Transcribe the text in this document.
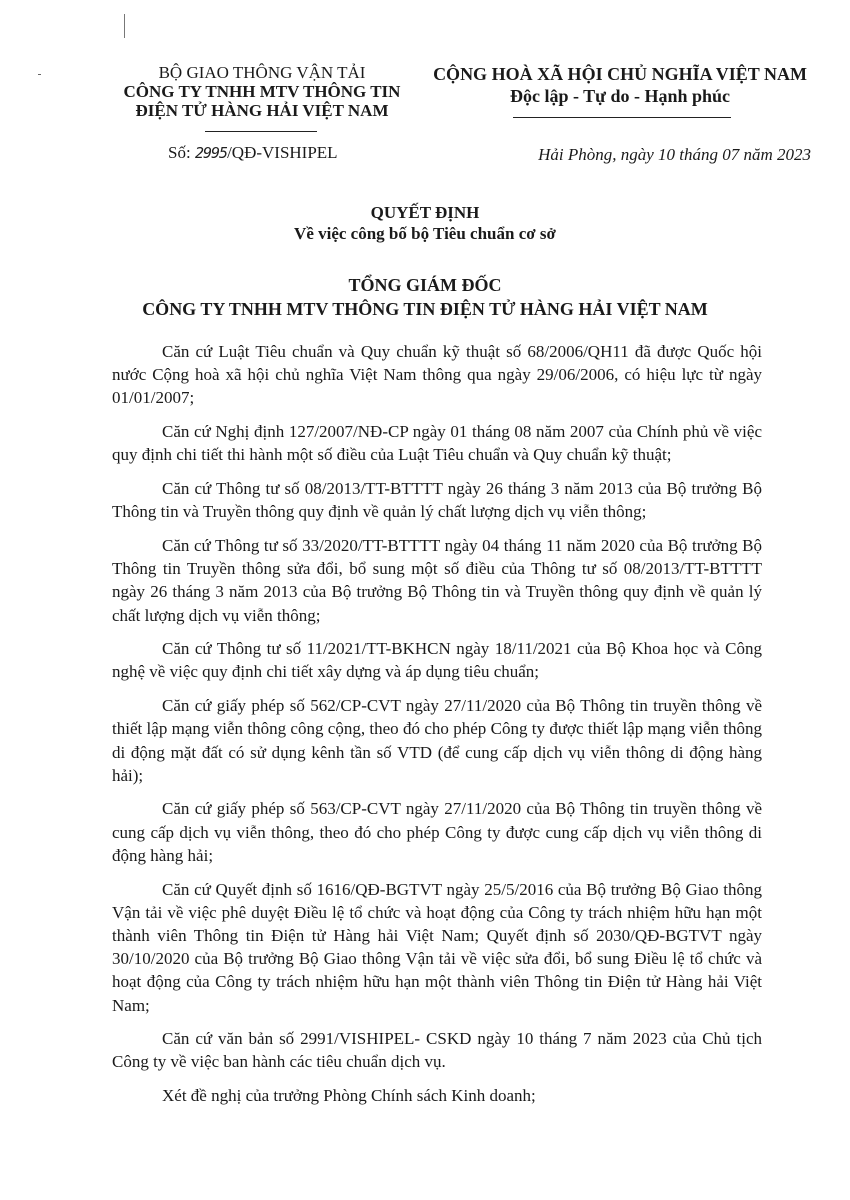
BỘ GIAO THÔNG VẬN TẢI
CÔNG TY TNHH MTV THÔNG TIN
ĐIỆN TỬ HÀNG HẢI VIỆT NAM
CỘNG HOÀ XÃ HỘI CHỦ NGHĨA VIỆT NAM
Độc lập - Tự do - Hạnh phúc
Số: 2995/QĐ-VISHIPEL	Hải Phòng, ngày 10 tháng 07 năm 2023
QUYẾT ĐỊNH
Về việc công bố bộ Tiêu chuẩn cơ sở
TỔNG GIÁM ĐỐC
CÔNG TY TNHH MTV THÔNG TIN ĐIỆN TỬ HÀNG HẢI VIỆT NAM

Căn cứ Luật Tiêu chuẩn và Quy chuẩn kỹ thuật số 68/2006/QH11 đã được Quốc hội nước Cộng hoà xã hội chủ nghĩa Việt Nam thông qua ngày 29/06/2006, có hiệu lực từ ngày 01/01/2007;

Căn cứ Nghị định 127/2007/NĐ-CP ngày 01 tháng 08 năm 2007 của Chính phủ về việc quy định chi tiết thi hành một số điều của Luật Tiêu chuẩn và Quy chuẩn kỹ thuật;

Căn cứ Thông tư số 08/2013/TT-BTTTT ngày 26 tháng 3 năm 2013 của Bộ trưởng Bộ Thông tin và Truyền thông quy định về quản lý chất lượng dịch vụ viễn thông;

Căn cứ Thông tư số 33/2020/TT-BTTTT ngày 04 tháng 11 năm 2020 của Bộ trưởng Bộ Thông tin Truyền thông sửa đổi, bổ sung một số điều của Thông tư số 08/2013/TT-BTTTT ngày 26 tháng 3 năm 2013 của Bộ trưởng Bộ Thông tin và Truyền thông quy định về quản lý chất lượng dịch vụ viễn thông;

Căn cứ Thông tư số 11/2021/TT-BKHCN ngày 18/11/2021 của Bộ Khoa học và Công nghệ về việc quy định chi tiết xây dựng và áp dụng tiêu chuẩn;

Căn cứ giấy phép số 562/CP-CVT ngày 27/11/2020 của Bộ Thông tin truyền thông về thiết lập mạng viễn thông công cộng, theo đó cho phép Công ty được thiết lập mạng viễn thông di động mặt đất có sử dụng kênh tần số VTD (để cung cấp dịch vụ viễn thông di động hàng hải);

Căn cứ giấy phép số 563/CP-CVT ngày 27/11/2020 của Bộ Thông tin truyền thông về cung cấp dịch vụ viễn thông, theo đó cho phép Công ty được cung cấp dịch vụ viễn thông di động hàng hải;

Căn cứ Quyết định số 1616/QĐ-BGTVT ngày 25/5/2016 của Bộ trưởng Bộ Giao thông Vận tải về việc phê duyệt Điều lệ tổ chức và hoạt động của Công ty trách nhiệm hữu hạn một thành viên Thông tin Điện tử Hàng hải Việt Nam; Quyết định số 2030/QĐ-BGTVT ngày 30/10/2020 của Bộ trưởng Bộ Giao thông Vận tải về việc sửa đổi, bổ sung Điều lệ tổ chức và hoạt động của Công ty trách nhiệm hữu hạn một thành viên Thông tin Điện tử Hàng hải Việt Nam;

Căn cứ văn bản số 2991/VISHIPEL- CSKD ngày 10 tháng 7 năm 2023 của Chủ tịch Công ty về việc ban hành các tiêu chuẩn dịch vụ.

Xét đề nghị của trưởng Phòng Chính sách Kinh doanh;
